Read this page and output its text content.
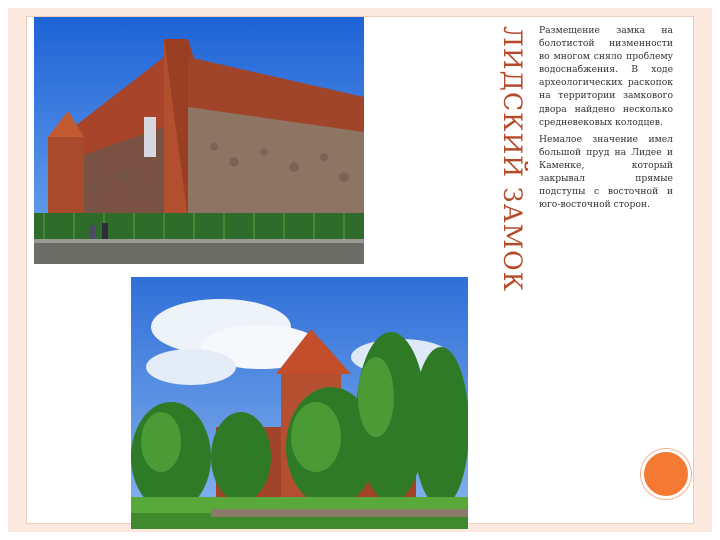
ЛИДСКИЙ ЗАМОК Размещение замка на болотистой низменности во многом сняло проблему водоснабжения. В ходе археологических раскопок на территории замкового двора найдено несколько средневековых колодцев.

Немалое значение имел большой пруд на Лидее и Каменке, который закрывал прямые подступы с восточной и юго-восточной сторон.
